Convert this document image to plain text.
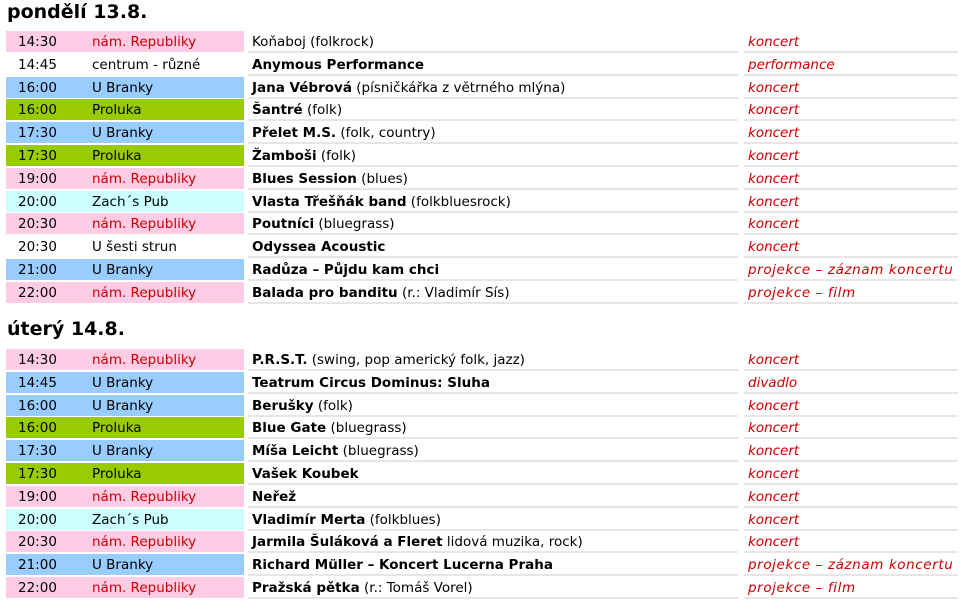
pondělí 13.8.
14:30	nám. Republiky	Koňaboj (folkrock)	koncert
14:45	centrum - různé	Anymous Performance	performance
16:00	U Branky	Jana Vébrová (písničkářka z větrného mlýna)	koncert
16:00	Proluka	Šantré (folk)	koncert
17:30	U Branky	Přelet M.S. (folk, country)	koncert
17:30	Proluka	Žamboši (folk)	koncert
19:00	nám. Republiky	Blues Session (blues)	koncert
20:00	Zach´s Pub	Vlasta Třešňák band (folkbluesrock)	koncert
20:30	nám. Republiky	Poutníci (bluegrass)	koncert
20:30	U šesti strun	Odyssea Acoustic	koncert
21:00	U Branky	Radůza – Půjdu kam chci	projekce – záznam koncertu
22:00	nám. Republiky	Balada pro banditu (r.: Vladimír Sís)	projekce – film
úterý 14.8.
14:30	nám. Republiky	P.R.S.T. (swing, pop americký folk, jazz)	koncert
14:45	U Branky	Teatrum Circus Dominus: Sluha	divadlo
16:00	U Branky	Berušky (folk)	koncert
16:00	Proluka	Blue Gate (bluegrass)	koncert
17:30	U Branky	Míša Leicht (bluegrass)	koncert
17:30	Proluka	Vašek Koubek	koncert
19:00	nám. Republiky	Neřež	koncert
20:00	Zach´s Pub	Vladimír Merta (folkblues)	koncert
20:30	nám. Republiky	Jarmila Šuláková a Fleret lidová muzika, rock)	koncert
21:00	U Branky	Richard Müller – Koncert Lucerna Praha	projekce – záznam koncertu
22:00	nám. Republiky	Pražská pětka (r.: Tomáš Vorel)	projekce – film
